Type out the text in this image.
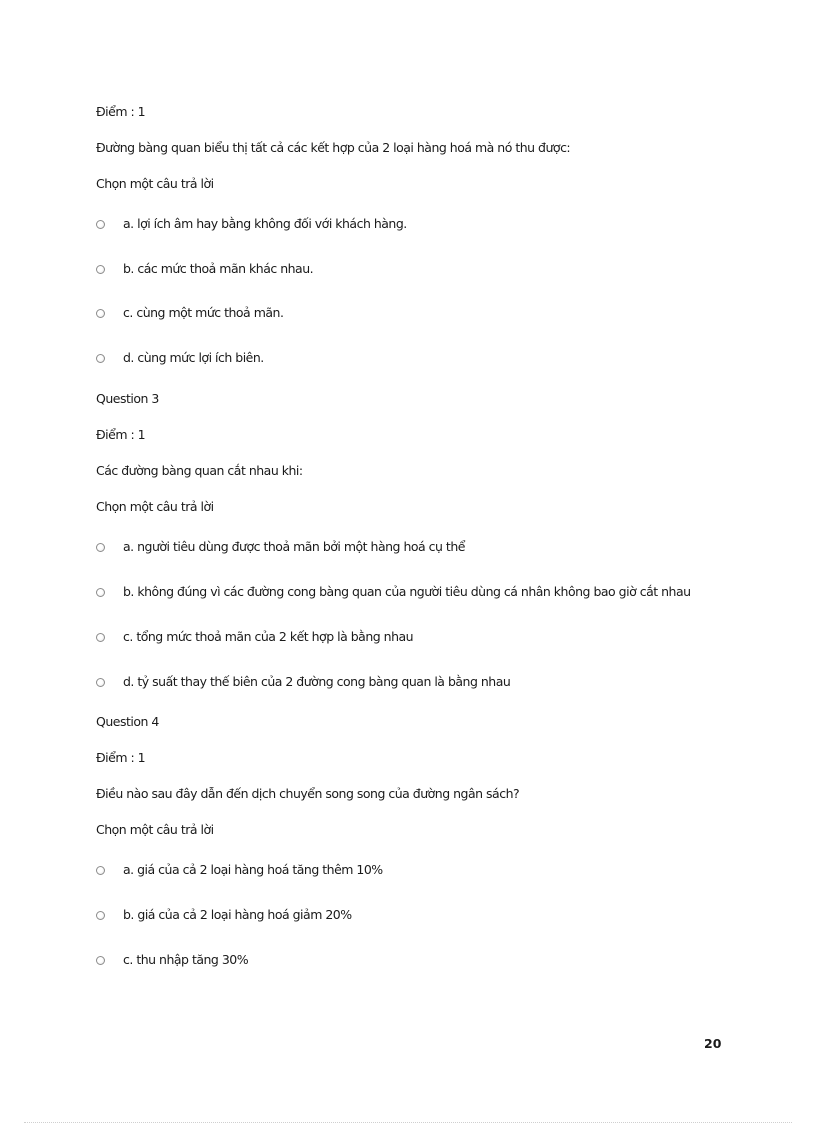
Điểm : 1
Đường bàng quan biểu thị tất cả các kết hợp của 2 loại hàng hoá mà nó thu được:
Chọn một câu trả lời
a. lợi ích âm hay bằng không đối với khách hàng.
b. các mức thoả mãn khác nhau.
c. cùng một mức thoả mãn.
d. cùng mức lợi ích biên.
Question 3
Điểm : 1
Các đường bàng quan cắt nhau khi:
Chọn một câu trả lời
a. người tiêu dùng được thoả mãn bởi một hàng hoá cụ thể
b. không đúng vì các đường cong bàng quan của người tiêu dùng cá nhân không bao giờ cắt nhau
c. tổng mức thoả mãn của 2 kết hợp là bằng nhau
d. tỷ suất thay thế biên của 2 đường cong bàng quan là bằng nhau
Question 4
Điểm : 1
Điều nào sau đây dẫn đến dịch chuyển song song của đường ngân sách?
Chọn một câu trả lời
a. giá của cả 2 loại hàng hoá tăng thêm 10%
b. giá của cả 2 loại hàng hoá giảm 20%
c. thu nhập tăng 30%
20
